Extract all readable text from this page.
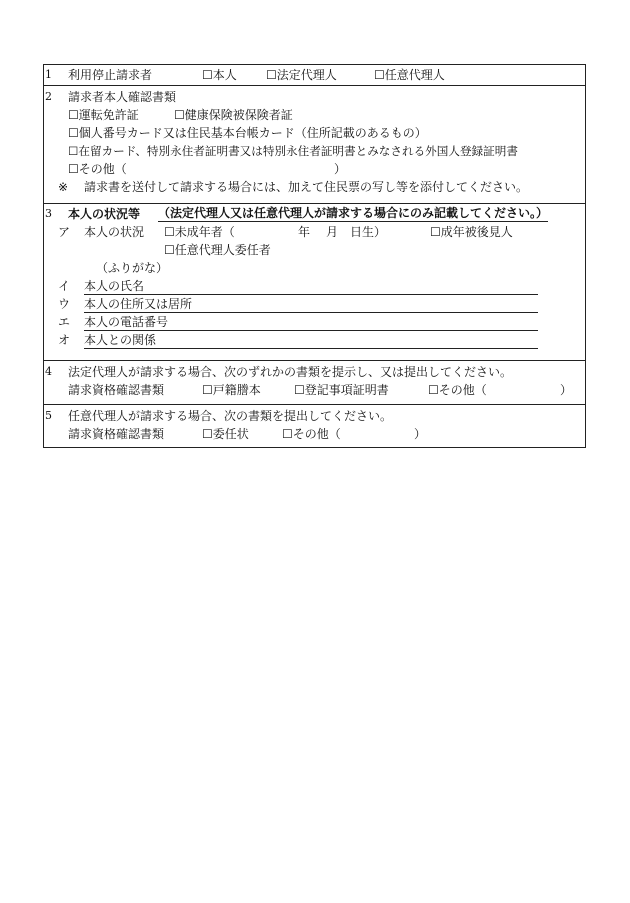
1 利用停止請求者	☐本人 ☐法定代理人	☐任意代理人
2 請求者本人確認書類
☐運転免許証	☐健康保険被保険者証
☐個人番号カード又は住民基本台帳カード（住所記載のあるもの）
☐在留カード、特別永住者証明書又は特別永住者証明書とみなされる外国人登録証明書
☐その他（	）
※ 請求書を送付して請求する場合には、加えて住民票の写し等を添付してください。
3 本人の状況等 （法定代理人又は任意代理人が請求する場合にのみ記載してください。）
ア 本人の状況 ☐未成年者（	年 月 日生）	☐成年被後見人
☐任意代理人委任者
（ふりがな）
イ 本人の氏名
ウ 本人の住所又は居所
エ 本人の電話番号
オ 本人との関係
4 法定代理人が請求する場合、次のずれかの書類を提示し、又は提出してください。
請求資格確認書類	☐戸籍謄本	☐登記事項証明書	☐その他（	）
5 任意代理人が請求する場合、次の書類を提出してください。
請求資格確認書類	☐委任状	☐その他（	）
